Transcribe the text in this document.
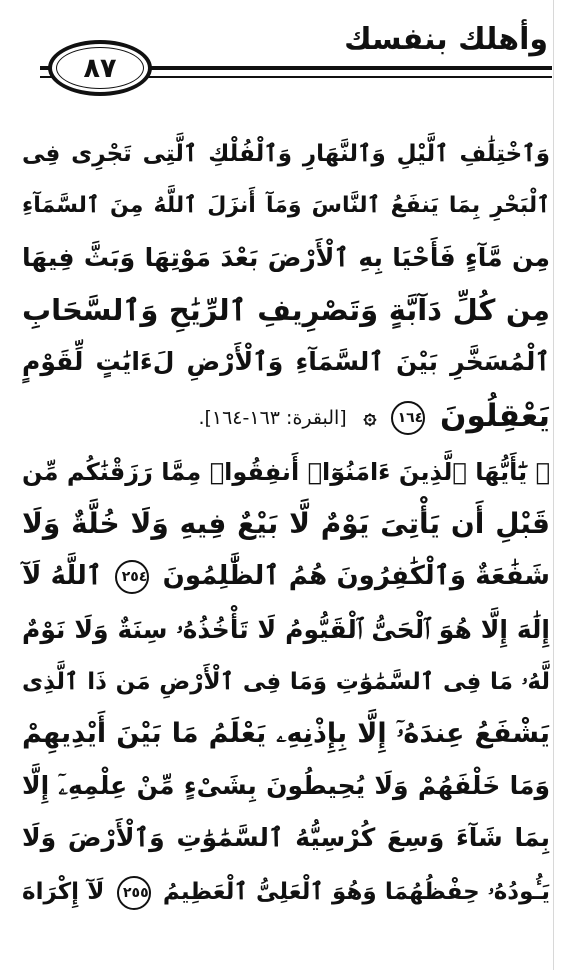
٨٧
وأهلك بنفسك
وَٱخْتِلَٰفِ ٱلَّيْلِ وَٱلنَّهَارِ وَٱلْفُلْكِ ٱلَّتِى تَجْرِى فِى
ٱلْبَحْرِ بِمَا يَنفَعُ ٱلنَّاسَ وَمَآ أَنزَلَ ٱللَّهُ مِنَ ٱلسَّمَآءِ
مِن مَّآءٍ فَأَحْيَا بِهِ ٱلْأَرْضَ بَعْدَ مَوْتِهَا وَبَثَّ فِيهَا
مِن كُلِّ دَآبَّةٍ وَتَصْرِيفِ ٱلرِّيَٰحِ وَٱلسَّحَابِ
ٱلْمُسَخَّرِ بَيْنَ ٱلسَّمَآءِ وَٱلْأَرْضِ لَءَايَٰتٍ لِّقَوْمٍ
يَعْقِلُونَ ١٦٤ ۞ [البقرة: ١٦٣-١٦٤].
۞ يَٰٓأَيُّهَا ٱلَّذِينَ ءَامَنُوٓا۟ أَنفِقُوا۟ مِمَّا رَزَقْنَٰكُم مِّن
قَبْلِ أَن يَأْتِىَ يَوْمٌ لَّا بَيْعٌ فِيهِ وَلَا خُلَّةٌ وَلَا
شَفَٰعَةٌ وَٱلْكَٰفِرُونَ هُمُ ٱلظَّٰلِمُونَ ٢٥٤ ٱللَّهُ لَآ
إِلَٰهَ إِلَّا هُوَ ٱلْحَىُّ ٱلْقَيُّومُ لَا تَأْخُذُهُۥ سِنَةٌ وَلَا نَوْمٌ
لَّهُۥ مَا فِى ٱلسَّمَٰوَٰتِ وَمَا فِى ٱلْأَرْضِ مَن ذَا ٱلَّذِى
يَشْفَعُ عِندَهُۥٓ إِلَّا بِإِذْنِهِۦ يَعْلَمُ مَا بَيْنَ أَيْدِيهِمْ
وَمَا خَلْفَهُمْ وَلَا يُحِيطُونَ بِشَىْءٍ مِّنْ عِلْمِهِۦٓ إِلَّا
بِمَا شَآءَ وَسِعَ كُرْسِيُّهُ ٱلسَّمَٰوَٰتِ وَٱلْأَرْضَ وَلَا
يَـُٔودُهُۥ حِفْظُهُمَا وَهُوَ ٱلْعَلِىُّ ٱلْعَظِيمُ ٢٥٥ لَآ إِكْرَاهَ
